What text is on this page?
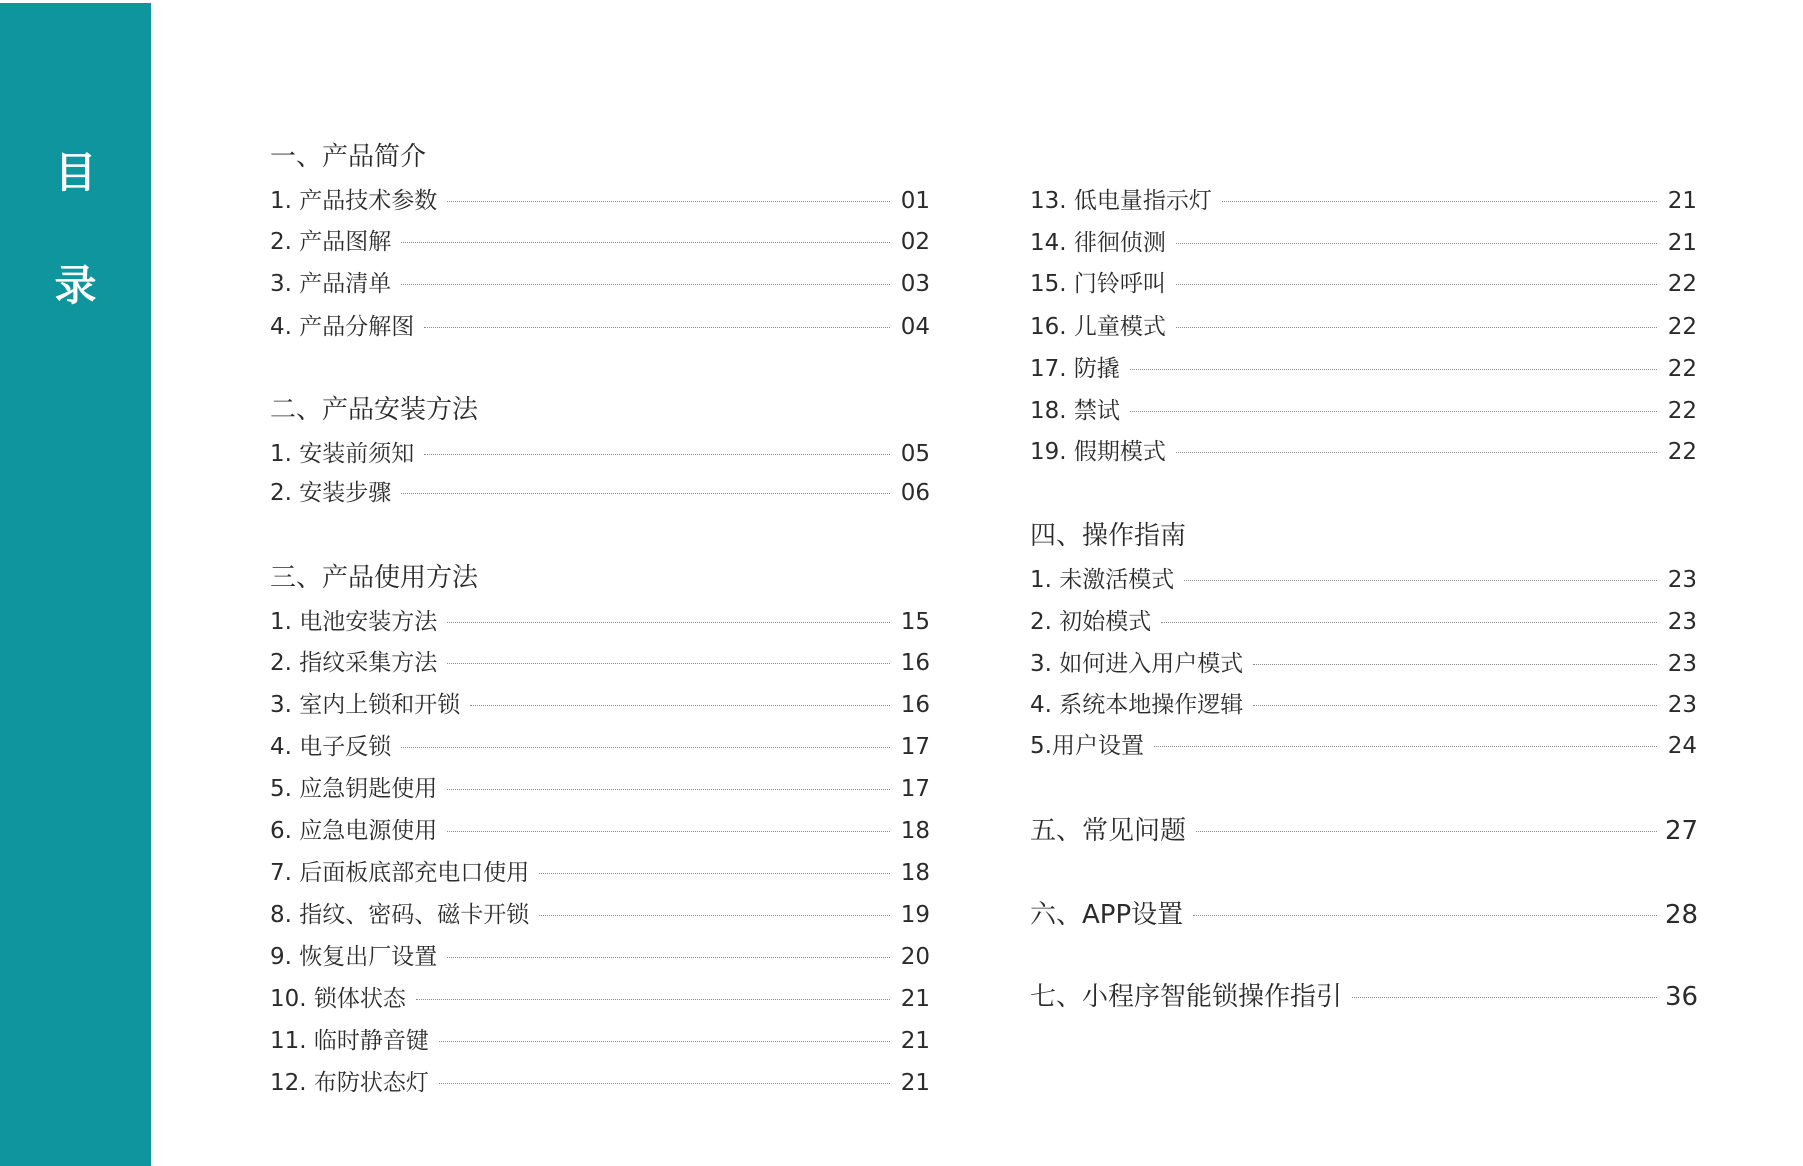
目
录
一、产品简介
1. 产品技术参数	01
2. 产品图解	02
3. 产品清单	03
4. 产品分解图	04
二、产品安装方法
1. 安装前须知	05
2. 安装步骤	06
三、产品使用方法
1. 电池安装方法	15
2. 指纹采集方法	16
3. 室内上锁和开锁	16
4. 电子反锁	17
5. 应急钥匙使用	17
6. 应急电源使用	18
7. 后面板底部充电口使用	18
8. 指纹、密码、磁卡开锁	19
9. 恢复出厂设置	20
10. 锁体状态	21
11. 临时静音键	21
12. 布防状态灯	21
13. 低电量指示灯	21
14. 徘徊侦测	21
15. 门铃呼叫	22
16. 儿童模式	22
17. 防撬	22
18. 禁试	22
19. 假期模式	22
四、操作指南
1. 未激活模式	23
2. 初始模式	23
3. 如何进入用户模式	23
4. 系统本地操作逻辑	23
5.用户设置	24
五、常见问题	27
六、APP设置	28
七、小程序智能锁操作指引	36
